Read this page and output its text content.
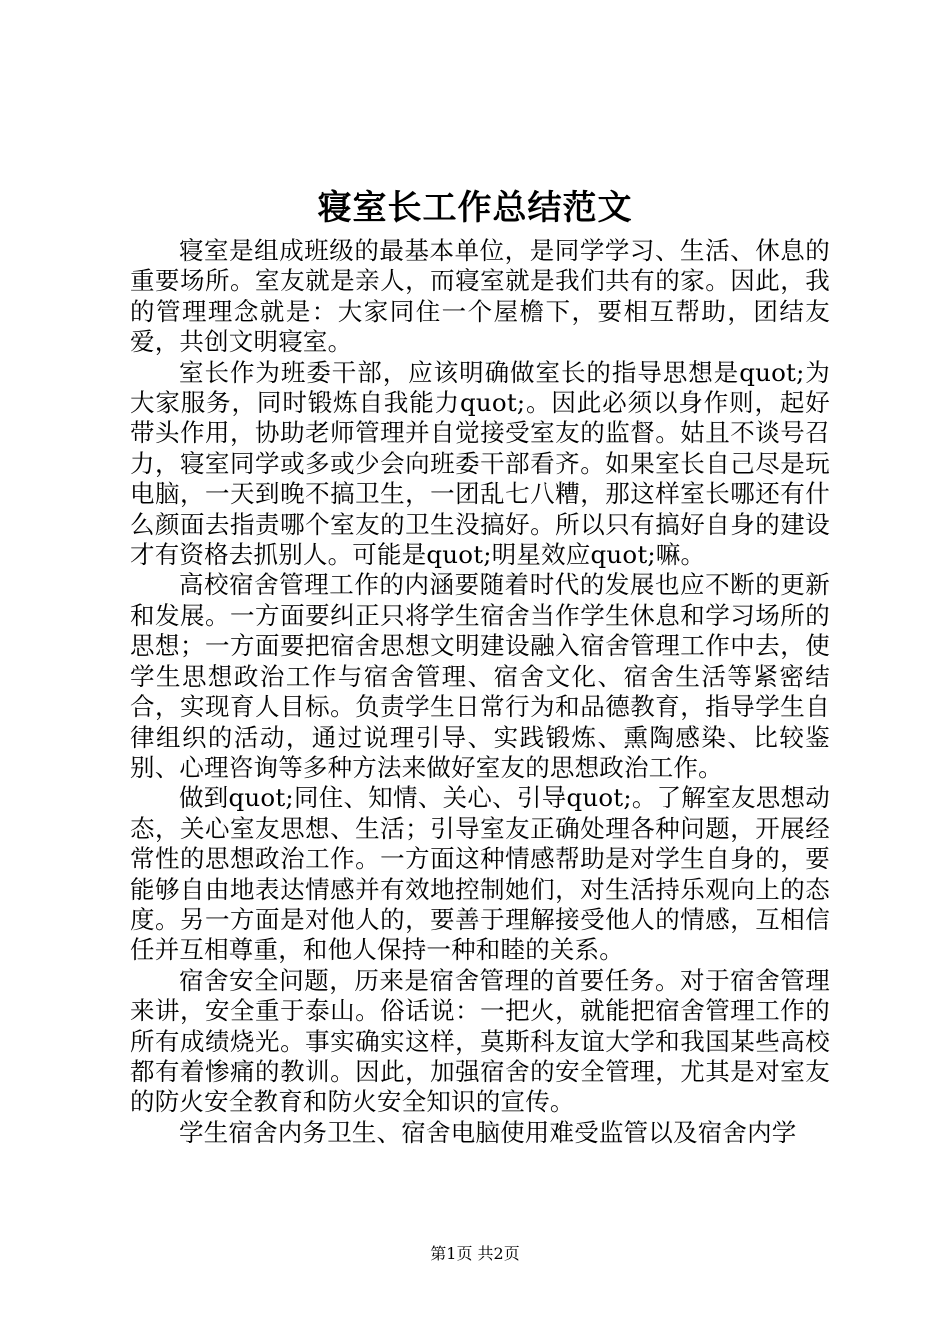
寝室长工作总结范文

寝室是组成班级的最基本单位，是同学学习、生活、休息的重要场所。室友就是亲人，而寝室就是我们共有的家。因此，我的管理理念就是：大家同住一个屋檐下，要相互帮助，团结友爱，共创文明寝室。

室长作为班委干部，应该明确做室长的指导思想是quot;为大家服务，同时锻炼自我能力quot;。因此必须以身作则，起好带头作用，协助老师管理并自觉接受室友的监督。姑且不谈号召力，寝室同学或多或少会向班委干部看齐。如果室长自己尽是玩电脑，一天到晚不搞卫生，一团乱七八糟，那这样室长哪还有什么颜面去指责哪个室友的卫生没搞好。所以只有搞好自身的建设才有资格去抓别人。可能是quot;明星效应quot;嘛。

高校宿舍管理工作的内涵要随着时代的发展也应不断的更新和发展。一方面要纠正只将学生宿舍当作学生休息和学习场所的思想；一方面要把宿舍思想文明建设融入宿舍管理工作中去，使学生思想政治工作与宿舍管理、宿舍文化、宿舍生活等紧密结合，实现育人目标。负责学生日常行为和品德教育，指导学生自律组织的活动，通过说理引导、实践锻炼、熏陶感染、比较鉴别、心理咨询等多种方法来做好室友的思想政治工作。

做到quot;同住、知情、关心、引导quot;。了解室友思想动态，关心室友思想、生活；引导室友正确处理各种问题，开展经常性的思想政治工作。一方面这种情感帮助是对学生自身的，要能够自由地表达情感并有效地控制她们，对生活持乐观向上的态度。另一方面是对他人的，要善于理解接受他人的情感，互相信任并互相尊重，和他人保持一种和睦的关系。

宿舍安全问题，历来是宿舍管理的首要任务。对于宿舍管理来讲，安全重于泰山。俗话说：一把火，就能把宿舍管理工作的所有成绩烧光。事实确实这样，莫斯科友谊大学和我国某些高校都有着惨痛的教训。因此，加强宿舍的安全管理，尤其是对室友的防火安全教育和防火安全知识的宣传。

学生宿舍内务卫生、宿舍电脑使用难受监管以及宿舍内学

第1页 共2页
